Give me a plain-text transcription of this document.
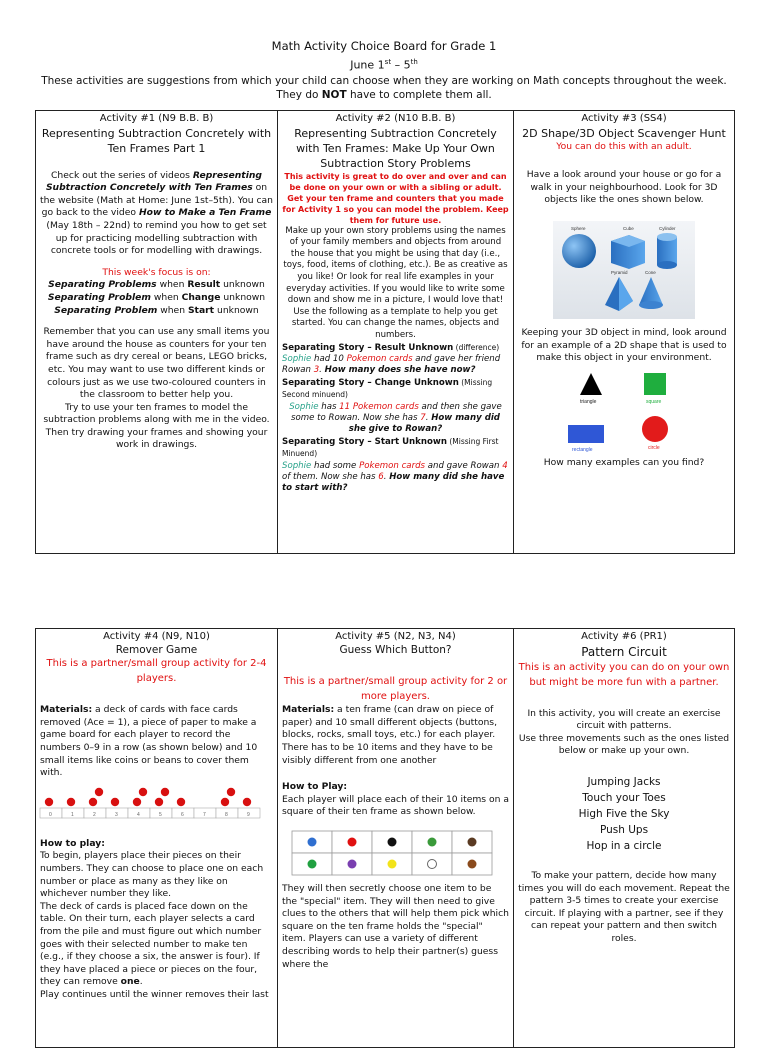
Math Activity Choice Board for Grade 1
June 1st – 5th
These activities are suggestions from which your child can choose when they are working on Math concepts throughout the week.
They do NOT have to complete them all.
Activity #1 (N9 B.B. B)
Representing Subtraction Concretely with Ten Frames Part 1
Check out the series of videos Representing Subtraction Concretely with Ten Frames on the website (Math at Home: June 1st–5th). You can go back to the video How to Make a Ten Frame (May 18th – 22nd) to remind you how to get set up for practicing modelling subtraction with concrete tools or for modelling with drawings.
This week's focus is on:
Separating Problems when Result unknown
Separating Problem when Change unknown
Separating Problem when Start unknown
Remember that you can use any small items you have around the house as counters for your ten frame such as dry cereal or beans, LEGO bricks, etc. You may want to use two different kinds or colours just as we use two-coloured counters in the classroom to better help you.
Try to use your ten frames to model the subtraction problems along with me in the video. Then try drawing your frames and showing your work in drawings.

Activity #2 (N10 B.B. B)
Representing Subtraction Concretely with Ten Frames: Make Up Your Own Subtraction Story Problems
This activity is great to do over and over and can be done on your own or with a sibling or adult. Get your ten frame and counters that you made for Activity 1 so you can model the problem. Keep them for future use.
Make up your own story problems using the names of your family members and objects from around the house that you might be using that day (i.e., toys, food, items of clothing, etc.). Be as creative as you like! Or look for real life examples in your everyday activities. If you would like to write some down and show me in a picture, I would love that!
Use the following as a template to help you get started. You can change the names, objects and numbers.
Separating Story – Result Unknown (difference)
Sophie had 10 Pokemon cards and gave her friend Rowan 3. How many does she have now?
Separating Story – Change Unknown (Missing Second minuend)
Sophie has 11 Pokemon cards and then she gave some to Rowan. Now she has 7. How many did she give to Rowan?
Separating Story – Start Unknown (Missing First Minuend)
Sophie had some Pokemon cards and gave Rowan 4 of them. Now she has 6. How many did she have to start with?

Activity #3 (SS4)
2D Shape/3D Object Scavenger Hunt
You can do this with an adult.
Have a look around your house or go for a walk in your neighbourhood. Look for 3D objects like the ones shown below.
Sphere	Cube	Cylinder
Pyramid	Cone
Keeping your 3D object in mind, look around for an example of a 2D shape that is used to make this object in your environment.
triangle	square
rectangle	circle
How many examples can you find?
Activity #4 (N9, N10)
Remover Game
This is a partner/small group activity for 2-4 players.
Materials: a deck of cards with face cards removed (Ace = 1), a piece of paper to make a game board for each player to record the numbers 0–9 in a row (as shown below) and 10 small items like coins or beans to cover them with.
0	1	2	3	4	5	6	7	8	9
How to play:
To begin, players place their pieces on their numbers. They can choose to place one on each number or place as many as they like on whichever number they like.
The deck of cards is placed face down on the table. On their turn, each player selects a card from the pile and must figure out which number goes with their selected number to make ten (e.g., if they choose a six, the answer is four). If they have placed a piece or pieces on the four, they can remove one.
Play continues until the winner removes their last

Activity #5 (N2, N3, N4)
Guess Which Button?
This is a partner/small group activity for 2 or more players.
Materials: a ten frame (can draw on piece of paper) and 10 small different objects (buttons, blocks, rocks, small toys, etc.) for each player. There has to be 10 items and they have to be visibly different from one another
How to Play:
Each player will place each of their 10 items on a square of their ten frame as shown below.
They will then secretly choose one item to be the "special" item. They will then need to give clues to the others that will help them pick which square on the ten frame holds the "special" item. Players can use a variety of different describing words to help their partner(s) guess where the

Activity #6 (PR1)
Pattern Circuit
This is an activity you can do on your own but might be more fun with a partner.
In this activity, you will create an exercise circuit with patterns.
Use three movements such as the ones listed below or make up your own.
Jumping Jacks
Touch your Toes
High Five the Sky
Push Ups
Hop in a circle
To make your pattern, decide how many times you will do each movement. Repeat the pattern 3-5 times to create your exercise circuit. If playing with a partner, see if they can repeat your pattern and then switch roles.
